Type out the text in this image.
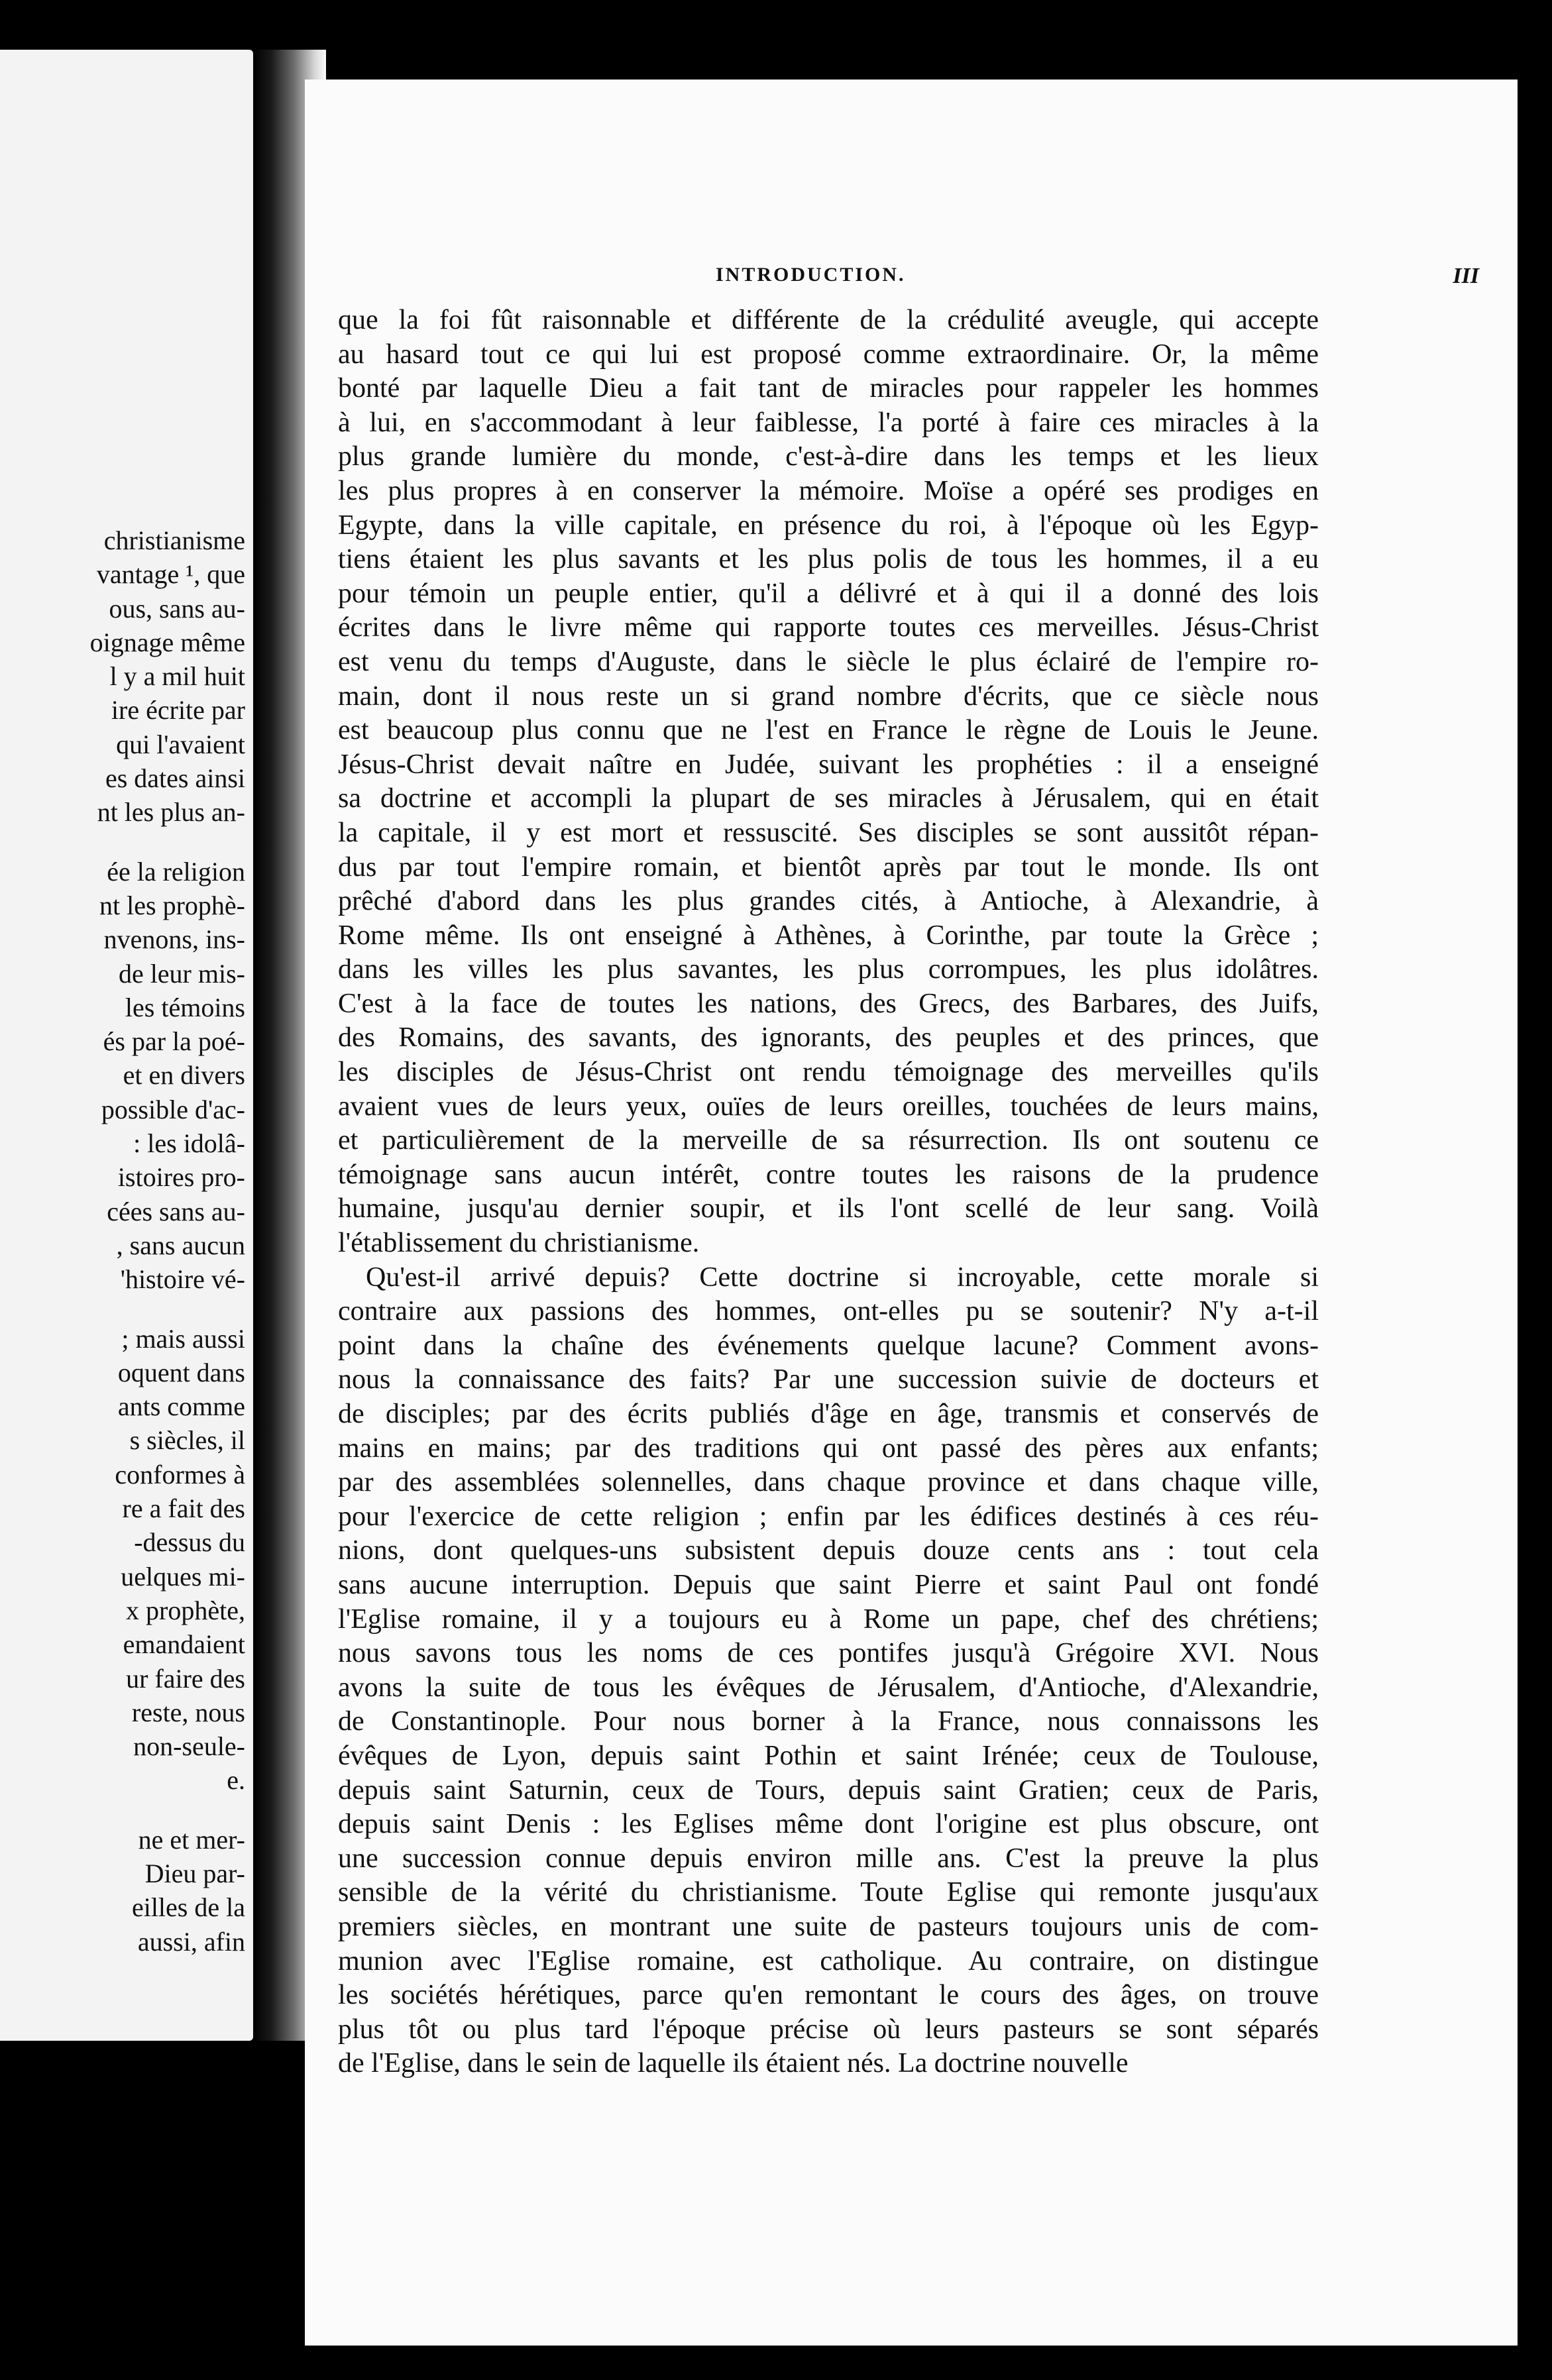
christianisme
vantage ¹, que
ous, sans au-
oignage même
l y a mil huit
ire écrite par
qui l'avaient
es dates ainsi
nt les plus an-
ée la religion
nt les prophè-
nvenons, ins-
de leur mis-
les témoins
és par la poé-
et en divers
possible d'ac-
: les idolâ-
istoires pro-
cées sans au-
, sans aucun
'histoire vé-
; mais aussi
oquent dans
ants comme
s siècles, il
conformes à
re a fait des
-dessus du
uelques mi-
x prophète,
emandaient
ur faire des
reste, nous
non-seule-
e.
ne et mer-
Dieu par-
eilles de la
aussi, afin
INTRODUCTION.	III
que la foi fût raisonnable et différente de la crédulité aveugle, qui accepte
au hasard tout ce qui lui est proposé comme extraordinaire. Or, la même
bonté par laquelle Dieu a fait tant de miracles pour rappeler les hommes
à lui, en s'accommodant à leur faiblesse, l'a porté à faire ces miracles à la
plus grande lumière du monde, c'est-à-dire dans les temps et les lieux
les plus propres à en conserver la mémoire. Moïse a opéré ses prodiges en
Egypte, dans la ville capitale, en présence du roi, à l'époque où les Egyp-
tiens étaient les plus savants et les plus polis de tous les hommes, il a eu
pour témoin un peuple entier, qu'il a délivré et à qui il a donné des lois
écrites dans le livre même qui rapporte toutes ces merveilles. Jésus-Christ
est venu du temps d'Auguste, dans le siècle le plus éclairé de l'empire ro-
main, dont il nous reste un si grand nombre d'écrits, que ce siècle nous
est beaucoup plus connu que ne l'est en France le règne de Louis le Jeune.
Jésus-Christ devait naître en Judée, suivant les prophéties : il a enseigné
sa doctrine et accompli la plupart de ses miracles à Jérusalem, qui en était
la capitale, il y est mort et ressuscité. Ses disciples se sont aussitôt répan-
dus par tout l'empire romain, et bientôt après par tout le monde. Ils ont
prêché d'abord dans les plus grandes cités, à Antioche, à Alexandrie, à
Rome même. Ils ont enseigné à Athènes, à Corinthe, par toute la Grèce ;
dans les villes les plus savantes, les plus corrompues, les plus idolâtres.
C'est à la face de toutes les nations, des Grecs, des Barbares, des Juifs,
des Romains, des savants, des ignorants, des peuples et des princes, que
les disciples de Jésus-Christ ont rendu témoignage des merveilles qu'ils
avaient vues de leurs yeux, ouïes de leurs oreilles, touchées de leurs mains,
et particulièrement de la merveille de sa résurrection. Ils ont soutenu ce
témoignage sans aucun intérêt, contre toutes les raisons de la prudence
humaine, jusqu'au dernier soupir, et ils l'ont scellé de leur sang. Voilà
l'établissement du christianisme.
Qu'est-il arrivé depuis? Cette doctrine si incroyable, cette morale si
contraire aux passions des hommes, ont-elles pu se soutenir? N'y a-t-il
point dans la chaîne des événements quelque lacune? Comment avons-
nous la connaissance des faits? Par une succession suivie de docteurs et
de disciples; par des écrits publiés d'âge en âge, transmis et conservés de
mains en mains; par des traditions qui ont passé des pères aux enfants;
par des assemblées solennelles, dans chaque province et dans chaque ville,
pour l'exercice de cette religion ; enfin par les édifices destinés à ces réu-
nions, dont quelques-uns subsistent depuis douze cents ans : tout cela
sans aucune interruption. Depuis que saint Pierre et saint Paul ont fondé
l'Eglise romaine, il y a toujours eu à Rome un pape, chef des chrétiens;
nous savons tous les noms de ces pontifes jusqu'à Grégoire XVI. Nous
avons la suite de tous les évêques de Jérusalem, d'Antioche, d'Alexandrie,
de Constantinople. Pour nous borner à la France, nous connaissons les
évêques de Lyon, depuis saint Pothin et saint Irénée; ceux de Toulouse,
depuis saint Saturnin, ceux de Tours, depuis saint Gratien; ceux de Paris,
depuis saint Denis : les Eglises même dont l'origine est plus obscure, ont
une succession connue depuis environ mille ans. C'est la preuve la plus
sensible de la vérité du christianisme. Toute Eglise qui remonte jusqu'aux
premiers siècles, en montrant une suite de pasteurs toujours unis de com-
munion avec l'Eglise romaine, est catholique. Au contraire, on distingue
les sociétés hérétiques, parce qu'en remontant le cours des âges, on trouve
plus tôt ou plus tard l'époque précise où leurs pasteurs se sont séparés
de l'Eglise, dans le sein de laquelle ils étaient nés. La doctrine nouvelle
